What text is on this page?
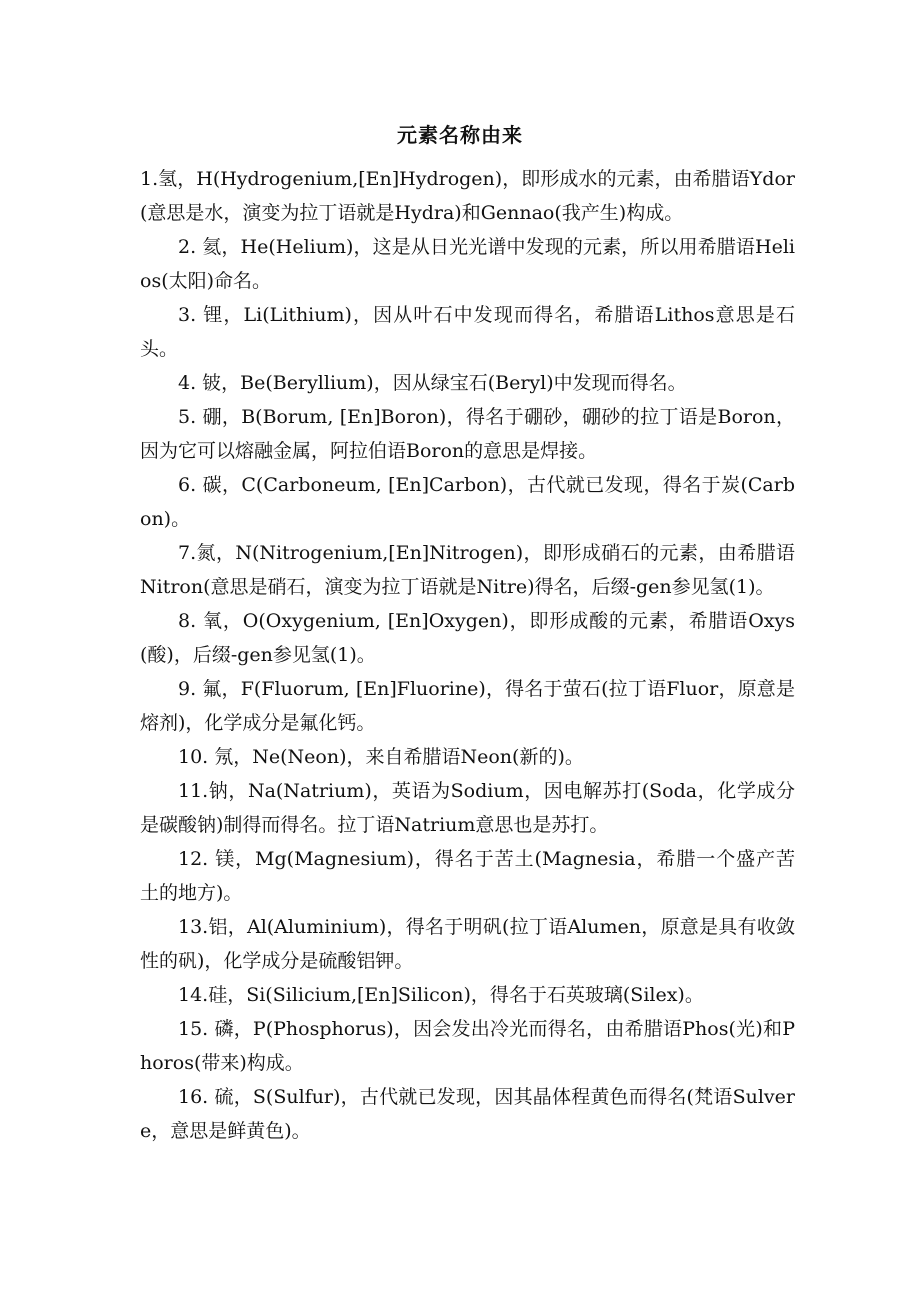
元素名称由来

1.氢，H(Hydrogenium,[En]Hydrogen)，即形成水的元素，由希腊语Ydor(意思是水，演变为拉丁语就是Hydra)和Gennao(我产生)构成。

2. 氦，He(Helium)，这是从日光光谱中发现的元素，所以用希腊语Helios(太阳)命名。

3. 锂，Li(Lithium)，因从叶石中发现而得名，希腊语Lithos意思是石头。

4. 铍，Be(Beryllium)，因从绿宝石(Beryl)中发现而得名。

5. 硼，B(Borum, [En]Boron)，得名于硼砂，硼砂的拉丁语是Boron，因为它可以熔融金属，阿拉伯语Boron的意思是焊接。

6. 碳，C(Carboneum, [En]Carbon)，古代就已发现，得名于炭(Carbon)。

7.氮，N(Nitrogenium,[En]Nitrogen)，即形成硝石的元素，由希腊语Nitron(意思是硝石，演变为拉丁语就是Nitre)得名，后缀-gen参见氢(1)。

8. 氧，O(Oxygenium, [En]Oxygen)，即形成酸的元素，希腊语Oxys(酸)，后缀-gen参见氢(1)。

9. 氟，F(Fluorum, [En]Fluorine)，得名于萤石(拉丁语Fluor，原意是熔剂)，化学成分是氟化钙。

10. 氖，Ne(Neon)，来自希腊语Neon(新的)。

11.钠，Na(Natrium)，英语为Sodium，因电解苏打(Soda，化学成分是碳酸钠)制得而得名。拉丁语Natrium意思也是苏打。

12. 镁，Mg(Magnesium)，得名于苦土(Magnesia，希腊一个盛产苦土的地方)。

13.铝，Al(Aluminium)，得名于明矾(拉丁语Alumen，原意是具有收敛性的矾)，化学成分是硫酸铝钾。

14.硅，Si(Silicium,[En]Silicon)，得名于石英玻璃(Silex)。

15. 磷，P(Phosphorus)，因会发出冷光而得名，由希腊语Phos(光)和Phoros(带来)构成。

16. 硫，S(Sulfur)，古代就已发现，因其晶体程黄色而得名(梵语Sulvere，意思是鲜黄色)。
